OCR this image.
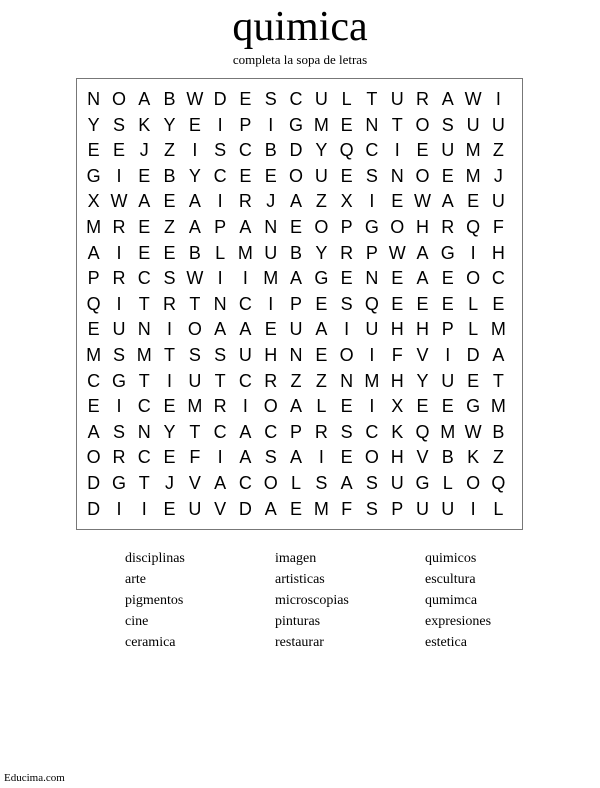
quimica
completa la sopa de letras
N O A B W D E S C U L T U R A W I
Y S K Y E I P I G M E N T O S U U
E E J Z I S C B D Y Q C I E U M Z
G I E B Y C E E O U E S N O E M J
X W A E A I R J A Z X I E W A E U
M R E Z A P A N E O P G O H R Q F
A I E E B L M U B Y R P W A G I H
P R C S W I	I M A G E N E A E O C
Q I T R T N C I P E S Q E E E L E
E U N I O A A E U A I U H H P L M
M S M T S S U H N E O I F V I D A
C G T I U T C R Z Z N M H Y U E T
E I C E M R I O A L E I X E E G M
A S N Y T C A C P R S C K Q M W B
O R C E F I A S A I E O H V B K Z
D G T J V A C O L S A S U G L O Q
D I	I E U V D A E M F S P U U I L
disciplinas	imagen	quimicos
arte	artisticas	escultura
pigmentos	microscopias	qumimca
cine	pinturas	expresiones
ceramica	restaurar	estetica
Educima.com
